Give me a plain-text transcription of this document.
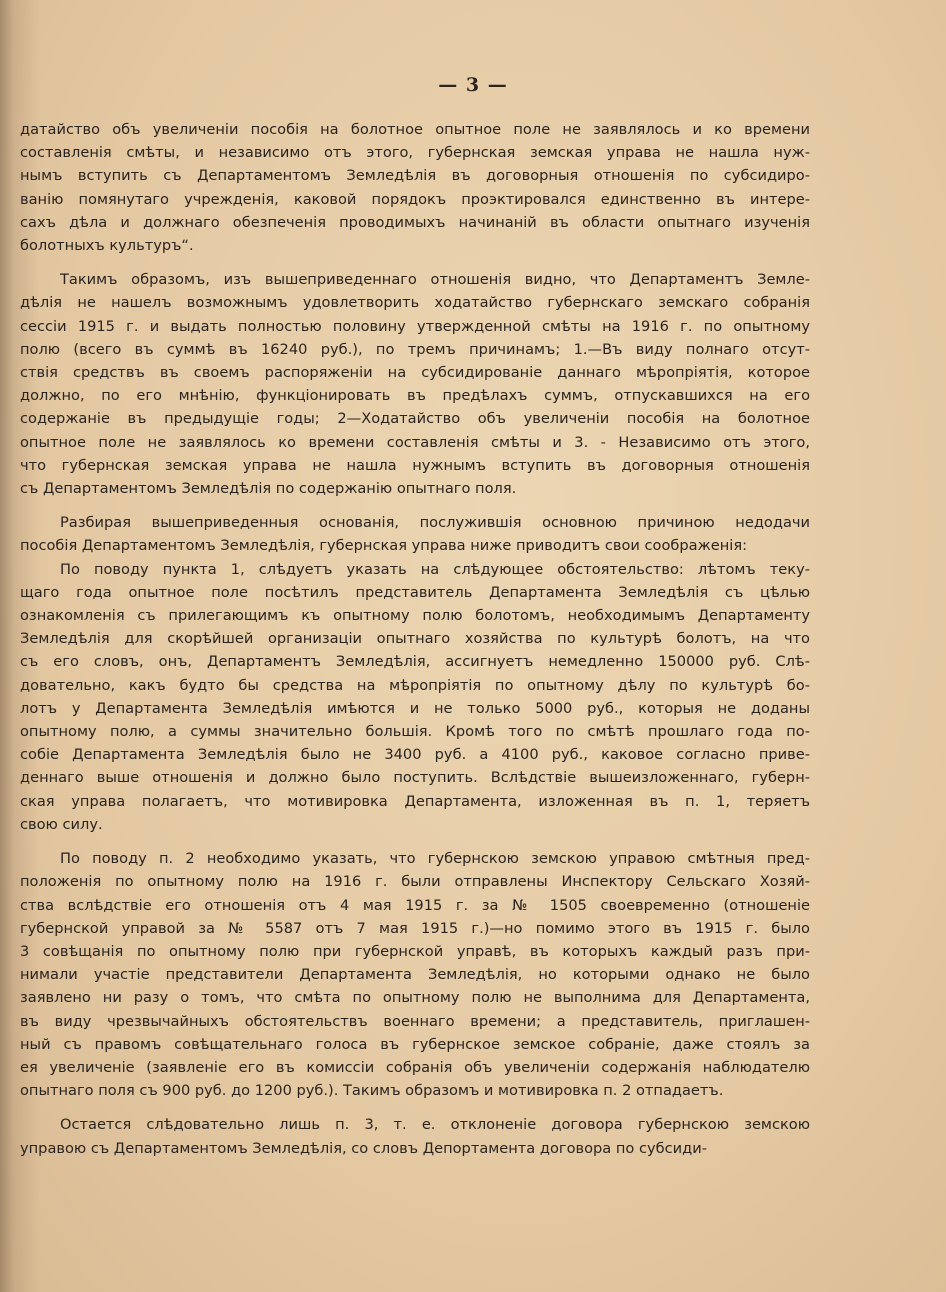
— 3 —
датайство объ увеличенiи пособiя на болотное опытное поле не заявлялось и ко времени
составленiя смѣты, и независимо отъ этого, губернская земская управа не нашла нуж-
нымъ вступить съ Департаментомъ Земледѣлiя въ договорныя отношенiя по субсидиро-
ванiю помянутаго учрежденiя, каковой порядокъ проэктировался единственно въ интере-
сахъ дѣла и должнаго обезпеченiя проводимыхъ начинанiй въ области опытнаго изученiя
болотныхъ культуръ“.
Такимъ образомъ, изъ вышеприведеннаго отношенiя видно, что Департаментъ Земле-
дѣлiя не нашелъ возможнымъ удовлетворить ходатайство губернскаго земскаго собранiя
сессiи 1915 г. и выдать полностью половину утвержденной смѣты на 1916 г. по опытному
полю (всего въ суммѣ въ 16240 руб.), по тремъ причинамъ; 1.—Въ виду полнаго отсут-
ствiя средствъ въ своемъ распоряженiи на субсидированiе даннаго мѣропрiятiя, которое
должно, по его мнѣнiю, функцiонировать въ предѣлахъ суммъ, отпускавшихся на его
содержанiе въ предыдущiе годы; 2—Ходатайство объ увеличенiи пособiя на болотное
опытное поле не заявлялось ко времени составленiя смѣты и 3. - Независимо отъ этого,
что губернская земская управа не нашла нужнымъ вступить въ договорныя отношенiя
съ Департаментомъ Земледѣлiя по содержанiю опытнаго поля.
Разбирая вышеприведенныя основанiя, послужившiя основною причиною недодачи
пособiя Департаментомъ Земледѣлiя, губернская управа ниже приводитъ свои соображенiя:
По поводу пункта 1, слѣдуетъ указать на слѣдующее обстоятельство: лѣтомъ теку-
щаго года опытное поле посѣтилъ представитель Департамента Земледѣлiя съ цѣлью
ознакомленiя съ прилегающимъ къ опытному полю болотомъ, необходимымъ Департаменту
Земледѣлiя для скорѣйшей организацiи опытнаго хозяйства по культурѣ болотъ, на что
съ его словъ, онъ, Департаментъ Земледѣлiя, ассигнуетъ немедленно 150000 руб. Слѣ-
довательно, какъ будто бы средства на мѣропрiятiя по опытному дѣлу по культурѣ бо-
лотъ у Департамента Земледѣлiя имѣются и не только 5000 руб., которыя не доданы
опытному полю, а суммы значительно большiя. Кромѣ того по смѣтѣ прошлаго года по-
собiе Департамента Земледѣлiя было не 3400 руб. а 4100 руб., каковое согласно приве-
деннаго выше отношенiя и должно было поступить. Вслѣдствiе вышеизложеннаго, губерн-
ская управа полагаетъ, что мотивировка Департамента, изложенная въ п. 1, теряетъ
свою силу.
По поводу п. 2 необходимо указать, что губернскою земскою управою смѣтныя пред-
положенiя по опытному полю на 1916 г. были отправлены Инспектору Сельскаго Хозяй-
ства вслѣдствiе его отношенiя отъ 4 мая 1915 г. за № 1505 своевременно (отношенiе
губернской управой за № 5587 отъ 7 мая 1915 г.)—но помимо этого въ 1915 г. было
3 совѣщанiя по опытному полю при губернской управѣ, въ которыхъ каждый разъ при-
нимали участiе представители Департамента Земледѣлiя, но которыми однако не было
заявлено ни разу о томъ, что смѣта по опытному полю не выполнима для Департамента,
въ виду чрезвычайныхъ обстоятельствъ военнаго времени; а представитель, приглашен-
ный съ правомъ совѣщательнаго голоса въ губернское земское собранiе, даже стоялъ за
ея увеличенiе (заявленiе его въ комиссiи собранiя объ увеличенiи содержанiя наблюдателю
опытнаго поля съ 900 руб. до 1200 руб.). Такимъ образомъ и мотивировка п. 2 отпадаетъ.
Остается слѣдовательно лишь п. 3, т. е. отклоненiе договора губернскою земскою
управою съ Департаментомъ Земледѣлiя, со словъ Депортамента договора по субсиди-
